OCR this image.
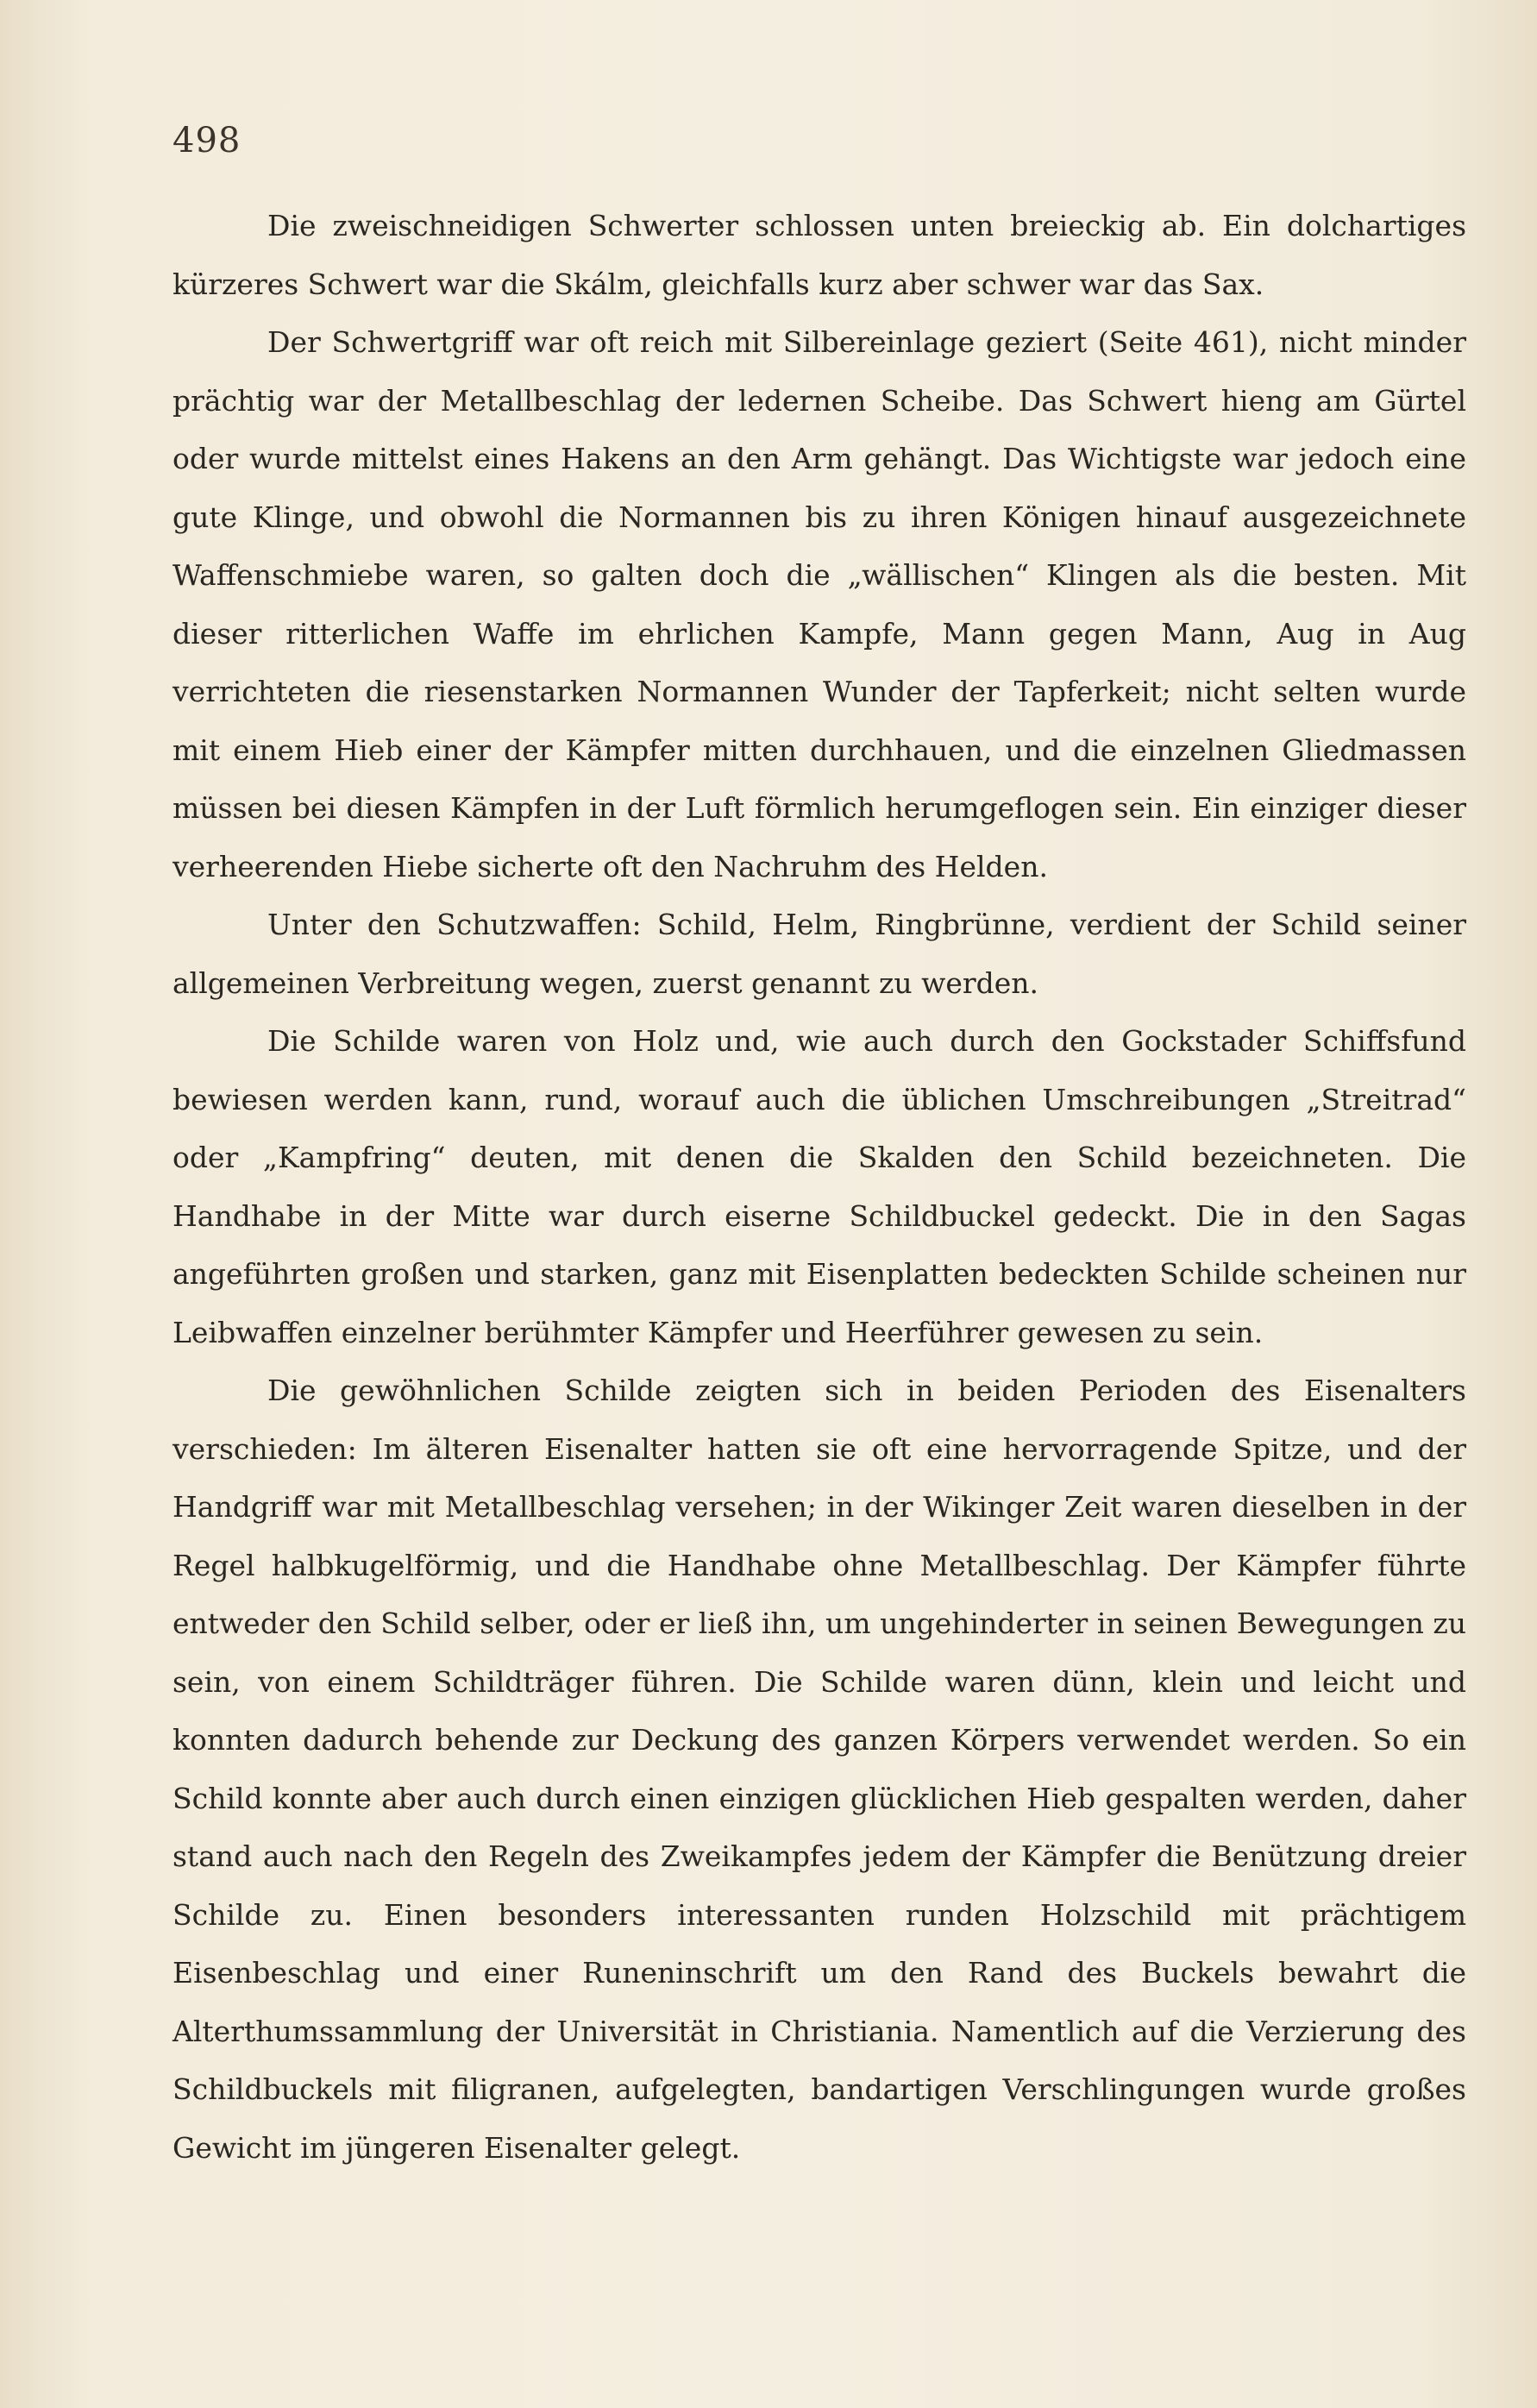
498

Die zweischneidigen Schwerter schlossen unten breieckig ab. Ein dolchartiges kürzeres Schwert war die Skálm, gleichfalls kurz aber schwer war das Sax.

Der Schwertgriff war oft reich mit Silbereinlage geziert (Seite 461), nicht minder prächtig war der Metallbeschlag der ledernen Scheibe. Das Schwert hieng am Gürtel oder wurde mittelst eines Hakens an den Arm gehängt. Das Wichtigste war jedoch eine gute Klinge, und obwohl die Normannen bis zu ihren Königen hinauf ausgezeichnete Waffenschmiebe waren, so galten doch die „wällischen“ Klingen als die besten. Mit dieser ritterlichen Waffe im ehrlichen Kampfe, Mann gegen Mann, Aug in Aug verrichteten die riesenstarken Normannen Wunder der Tapferkeit; nicht selten wurde mit einem Hieb einer der Kämpfer mitten durchhauen, und die einzelnen Gliedmassen müssen bei diesen Kämpfen in der Luft förmlich herumgeflogen sein. Ein einziger dieser verheerenden Hiebe sicherte oft den Nachruhm des Helden.

Unter den Schutzwaffen: Schild, Helm, Ringbrünne, verdient der Schild seiner allgemeinen Verbreitung wegen, zuerst genannt zu werden.

Die Schilde waren von Holz und, wie auch durch den Gockstader Schiffsfund bewiesen werden kann, rund, worauf auch die üblichen Umschreibungen „Streitrad“ oder „Kampfring“ deuten, mit denen die Skalden den Schild bezeichneten. Die Handhabe in der Mitte war durch eiserne Schildbuckel gedeckt. Die in den Sagas angeführten großen und starken, ganz mit Eisenplatten bedeckten Schilde scheinen nur Leibwaffen einzelner berühmter Kämpfer und Heerführer gewesen zu sein.

Die gewöhnlichen Schilde zeigten sich in beiden Perioden des Eisenalters verschieden: Im älteren Eisenalter hatten sie oft eine hervorragende Spitze, und der Handgriff war mit Metallbeschlag versehen; in der Wikinger Zeit waren dieselben in der Regel halbkugelförmig, und die Handhabe ohne Metallbeschlag. Der Kämpfer führte entweder den Schild selber, oder er ließ ihn, um ungehinderter in seinen Bewegungen zu sein, von einem Schildträger führen. Die Schilde waren dünn, klein und leicht und konnten dadurch behende zur Deckung des ganzen Körpers verwendet werden. So ein Schild konnte aber auch durch einen einzigen glücklichen Hieb gespalten werden, daher stand auch nach den Regeln des Zweikampfes jedem der Kämpfer die Benützung dreier Schilde zu. Einen besonders interessanten runden Holzschild mit prächtigem Eisenbeschlag und einer Runeninschrift um den Rand des Buckels bewahrt die Alterthumssammlung der Universität in Christiania. Namentlich auf die Verzierung des Schildbuckels mit filigranen, aufgelegten, bandartigen Verschlingungen wurde großes Gewicht im jüngeren Eisenalter gelegt.
